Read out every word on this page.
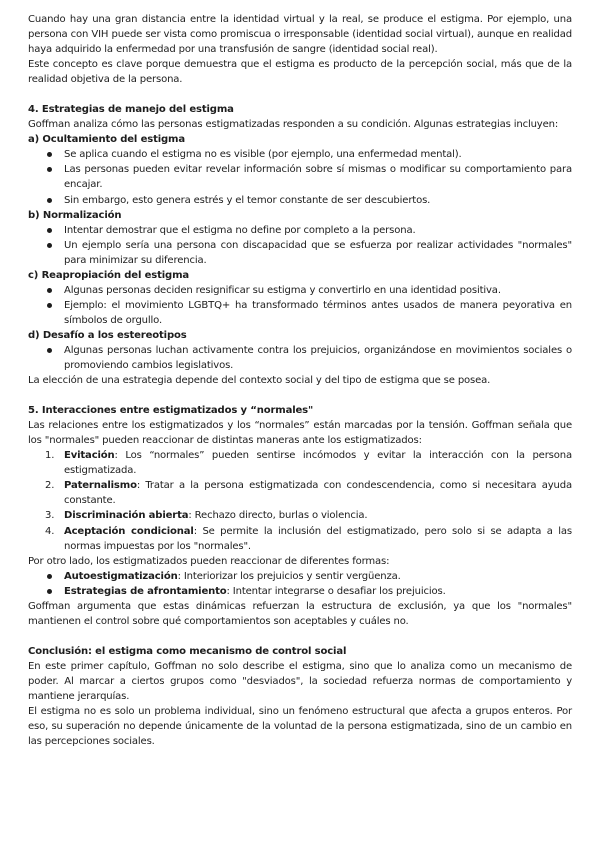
Cuando hay una gran distancia entre la identidad virtual y la real, se produce el estigma. Por ejemplo, una persona con VIH puede ser vista como promiscua o irresponsable (identidad social virtual), aunque en realidad haya adquirido la enfermedad por una transfusión de sangre (identidad social real).

Este concepto es clave porque demuestra que el estigma es producto de la percepción social, más que de la realidad objetiva de la persona.

4. Estrategias de manejo del estigma

Goffman analiza cómo las personas estigmatizadas responden a su condición. Algunas estrategias incluyen:

a) Ocultamiento del estigma
Se aplica cuando el estigma no es visible (por ejemplo, una enfermedad mental).
Las personas pueden evitar revelar información sobre sí mismas o modificar su comportamiento para encajar.
Sin embargo, esto genera estrés y el temor constante de ser descubiertos.
b) Normalización
Intentar demostrar que el estigma no define por completo a la persona.
Un ejemplo sería una persona con discapacidad que se esfuerza por realizar actividades "normales" para minimizar su diferencia.
c) Reapropiación del estigma
Algunas personas deciden resignificar su estigma y convertirlo en una identidad positiva.
Ejemplo: el movimiento LGBTQ+ ha transformado términos antes usados de manera peyorativa en símbolos de orgullo.
d) Desafío a los estereotipos
Algunas personas luchan activamente contra los prejuicios, organizándose en movimientos sociales o promoviendo cambios legislativos.

La elección de una estrategia depende del contexto social y del tipo de estigma que se posea.

5. Interacciones entre estigmatizados y “normales"

Las relaciones entre los estigmatizados y los “normales” están marcadas por la tensión. Goffman señala que los "normales" pueden reaccionar de distintas maneras ante los estigmatizados:

1. Evitación: Los “normales” pueden sentirse incómodos y evitar la interacción con la persona estigmatizada.
2. Paternalismo: Tratar a la persona estigmatizada con condescendencia, como si necesitara ayuda constante.
3. Discriminación abierta: Rechazo directo, burlas o violencia.
4. Aceptación condicional: Se permite la inclusión del estigmatizado, pero solo si se adapta a las normas impuestas por los "normales".

Por otro lado, los estigmatizados pueden reaccionar de diferentes formas:

Autoestigmatización: Interiorizar los prejuicios y sentir vergüenza.
Estrategias de afrontamiento: Intentar integrarse o desafiar los prejuicios.

Goffman argumenta que estas dinámicas refuerzan la estructura de exclusión, ya que los "normales" mantienen el control sobre qué comportamientos son aceptables y cuáles no.

Conclusión: el estigma como mecanismo de control social

En este primer capítulo, Goffman no solo describe el estigma, sino que lo analiza como un mecanismo de poder. Al marcar a ciertos grupos como "desviados", la sociedad refuerza normas de comportamiento y mantiene jerarquías.

El estigma no es solo un problema individual, sino un fenómeno estructural que afecta a grupos enteros. Por eso, su superación no depende únicamente de la voluntad de la persona estigmatizada, sino de un cambio en las percepciones sociales.
